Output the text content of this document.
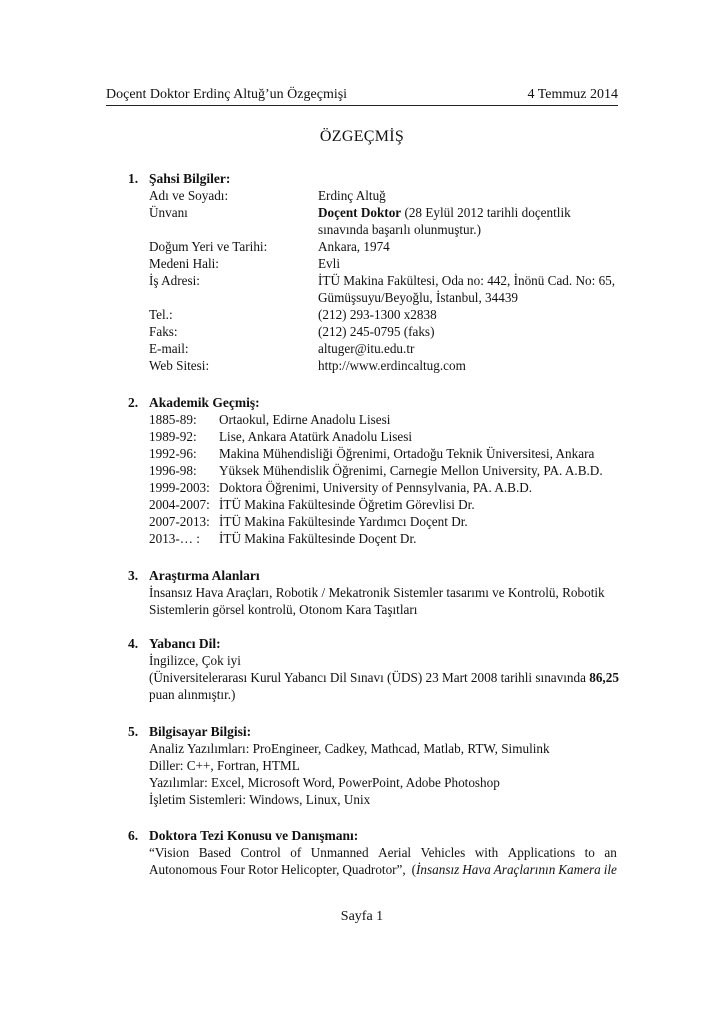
Doçent Doktor Erdinç Altuğ’un Özgeçmişi	4 Temmuz 2014
ÖZGEÇMİŞ
1. Şahsi Bilgiler:
Adı ve Soyadı:	Erdinç Altuğ
Ünvanı	Doçent Doktor (28 Eylül 2012 tarihli doçentlik
sınavında başarılı olunmuştur.)
Doğum Yeri ve Tarihi:	Ankara, 1974
Medeni Hali:	Evli
İş Adresi:	İTÜ Makina Fakültesi, Oda no: 442, İnönü Cad. No: 65,
Gümüşsuyu/Beyoğlu, İstanbul, 34439
Tel.:	(212) 293-1300 x2838
Faks:	(212) 245-0795 (faks)
E-mail:	altuger@itu.edu.tr
Web Sitesi:	http://www.erdincaltug.com
2. Akademik Geçmiş:
1885-89: Ortaokul, Edirne Anadolu Lisesi
1989-92: Lise, Ankara Atatürk Anadolu Lisesi
1992-96: Makina Mühendisliği Öğrenimi, Ortadoğu Teknik Üniversitesi, Ankara
1996-98: Yüksek Mühendislik Öğrenimi, Carnegie Mellon University, PA. A.B.D.
1999-2003: Doktora Öğrenimi, University of Pennsylvania, PA. A.B.D.
2004-2007: İTÜ Makina Fakültesinde Öğretim Görevlisi Dr.
2007-2013: İTÜ Makina Fakültesinde Yardımcı Doçent Dr.
2013-… : İTÜ Makina Fakültesinde Doçent Dr.
3. Araştırma Alanları
İnsansız Hava Araçları, Robotik / Mekatronik Sistemler tasarımı ve Kontrolü, Robotik
Sistemlerin görsel kontrolü, Otonom Kara Taşıtları
4. Yabancı Dil:
İngilizce, Çok iyi
(Üniversitelerarası Kurul Yabancı Dil Sınavı (ÜDS) 23 Mart 2008 tarihli sınavında 86,25
puan alınmıştır.)
5. Bilgisayar Bilgisi:
Analiz Yazılımları: ProEngineer, Cadkey, Mathcad, Matlab, RTW, Simulink
Diller: C++, Fortran, HTML
Yazılımlar: Excel, Microsoft Word, PowerPoint, Adobe Photoshop
İşletim Sistemleri: Windows, Linux, Unix
6. Doktora Tezi Konusu ve Danışmanı:
“Vision Based Control of Unmanned Aerial Vehicles with Applications to an
Autonomous Four Rotor Helicopter, Quadrotor”, (İnsansız Hava Araçlarının Kamera ile
Sayfa 1
